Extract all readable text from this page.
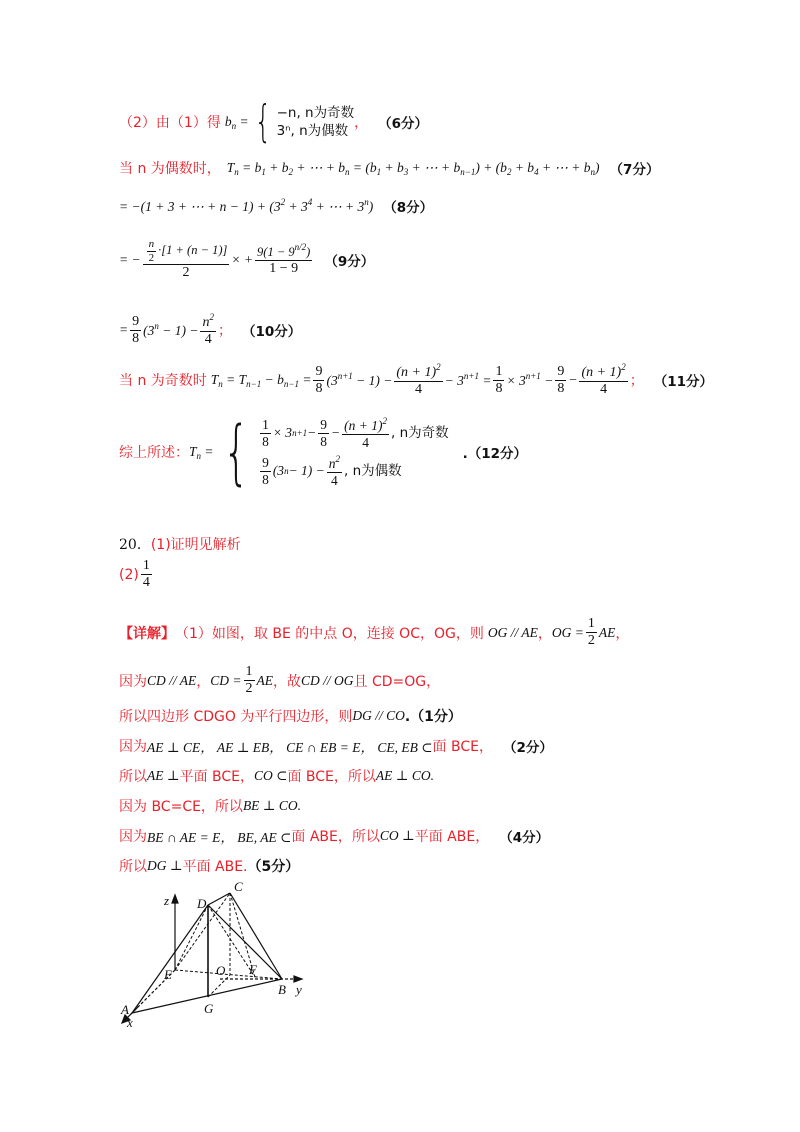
（2）由（1）得 $b_n$ = { −n, n为奇数
3ⁿ, n为偶数 ， （6分）
当 n 为偶数时， $T_n = b_1 + b_2$ + ⋯ + $b_n = (b_1 + b_3$ + ⋯ + $b_{n-1}) + (b_2 + b_4$ + ⋯ + $b_n$) （7分）
= −(1 + 3 + ⋯ + $n - 1) + (3^2 + 3^4$ + ⋯ + $3^n$) （8分）
= − $\frac{\frac{n}{2} \cdot[1 + (n - 1)]}{2}$ × + $\frac{9(1 - 9^{n/2})}{1 - 9} (9$分）
= $\frac{9}{8} (3^n - 1) - \frac{n^2}{4}$ ； （10分）
当 n 为奇数时 $T_n = T_{n-1} - b_{n-1} = \frac{9}{8} (3^{n+1} - 1) - \frac{(n + 1)^2}{4} - 3^{n+1} = \frac{1}{8} \times 3^{n+1} - \frac{9}{8} - \frac{(n + 1)^2}{4}$ ； （11分）
综上所述： $T_n$ = { $\frac{1}{8} \times 3$ $n+1 - \frac{9}{8} - \frac{(n + 1)^2}{4}$ , n为奇数
$\frac{9}{8} (3$ $n - 1) - \frac{n^2}{4}$ , n为偶数
.（12分）
20． (1)证明见解析
$(2) \frac{1}{4}$
【详解】 （1）如图，取 BE 的中点 O，连接 OC，OG，则 OG // AE ， OG = $\frac{1}{2}$ AE ，
因为 CD // AE ， CD = $\frac{1}{2}$ AE ，故 CD // OG 且 CD=OG，
所以四边形 CDGO 为平行四边形，则 DG // CO .（1分）
因为 AE ⊥ CE， AE ⊥ EB， CE ∩ EB = E， CE, EB ⊂ 面 BCE， （2分）
所以 AE ⊥ 平面 BCE， CO ⊂ 面 BCE，所以 AE ⊥ CO.
因为 BC=CE，所以 BE ⊥ CO.
因为 BE ∩ AE = E， BE, AE ⊂ 面 ABE，所以 CO ⊥ 平面 ABE， （4分）
所以 DG ⊥ 平面 ABE. （5分）
z D
C
E	O F
B y
A
x
G
